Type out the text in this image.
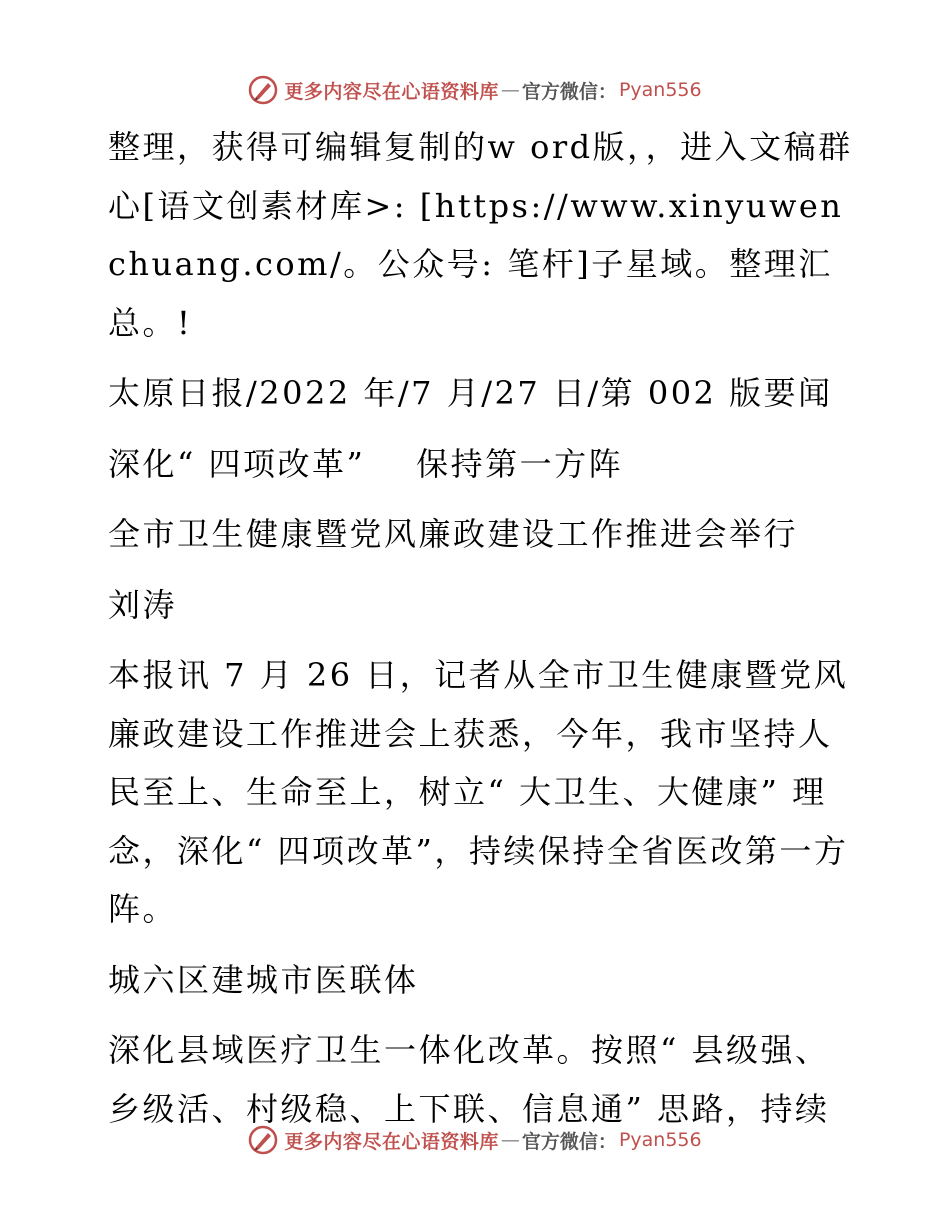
更多内容尽在心语资料库 — 官方微信： Pyan556

整理，获得可编辑复制的w ord版，，进入文稿群心[语文创素材库>: [https://www.xinyuwenchuang.com/。公众号: 笔杆]子星域。整理汇总。!

太原日报/2022 年/7 月/27 日/第 002 版要闻

深化“ 四项改革”    保持第一方阵

全市卫生健康暨党风廉政建设工作推进会举行

刘涛

本报讯 7 月 26 日，记者从全市卫生健康暨党风廉政建设工作推进会上获悉，今年，我市坚持人民至上、生命至上，树立“ 大卫生、大健康” 理念，深化“ 四项改革”，持续保持全省医改第一方阵。

城六区建城市医联体

深化县域医疗卫生一体化改革。按照“ 县级强、乡级活、村级稳、上下联、信息通” 思路，持续

更多内容尽在心语资料库 — 官方微信： Pyan556
